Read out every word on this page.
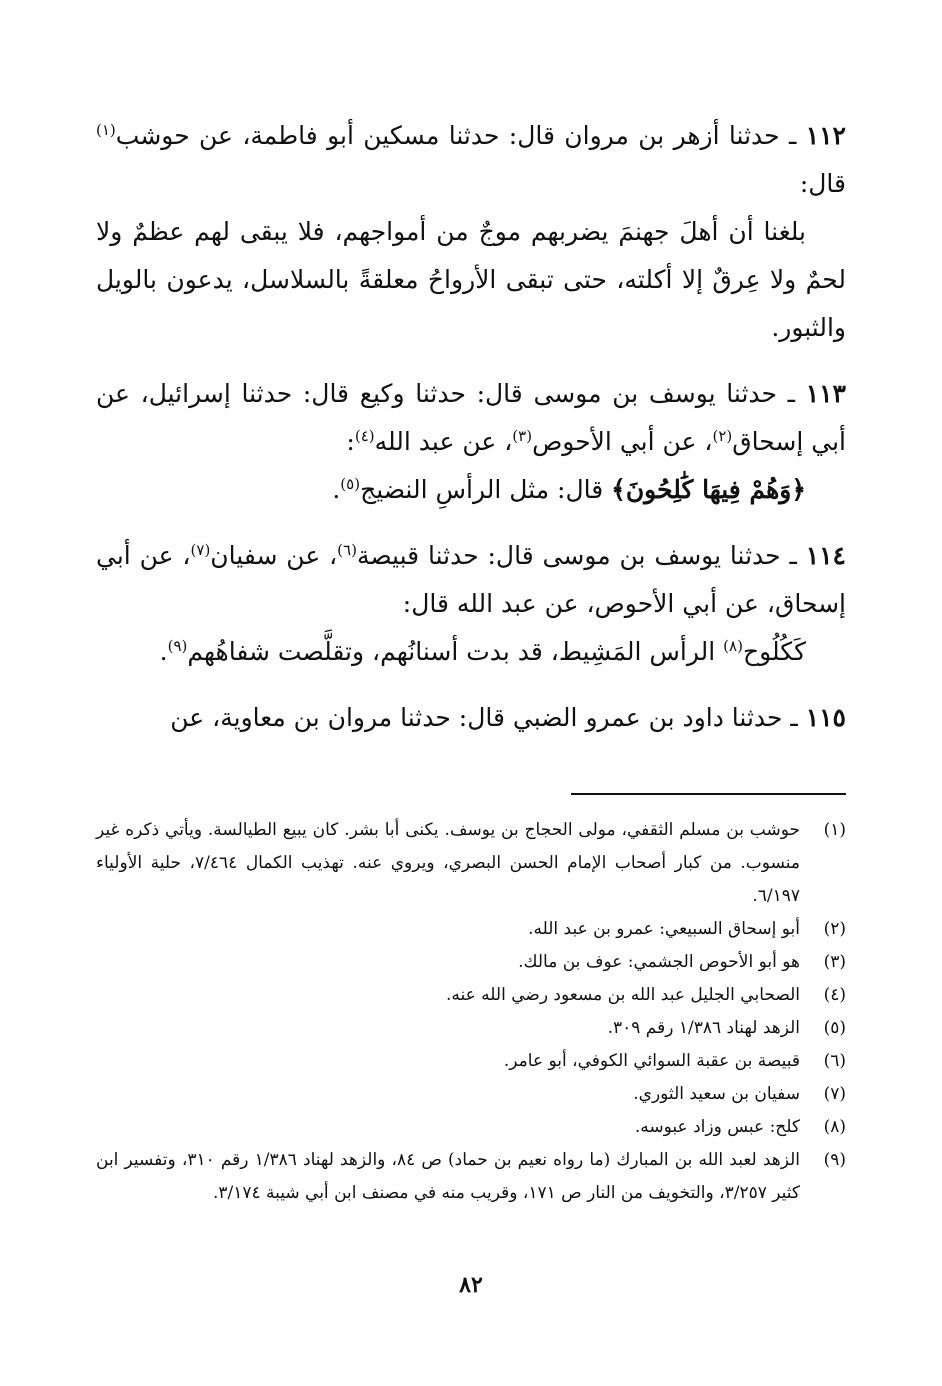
١١٢ ـ حدثنا أزهر بن مروان قال: حدثنا مسكين أبو فاطمة، عن حوشب$^{(١)}$ قال:

بلغنا أن أهلَ جهنمَ يضربهم موجٌ من أمواجهم، فلا يبقى لهم عظمٌ ولا لحمٌ ولا عِرقٌ إلا أكلته، حتى تبقى الأرواحُ معلقةً بالسلاسل، يدعون بالويل والثبور.

١١٣ ـ حدثنا يوسف بن موسى قال: حدثنا وكيع قال: حدثنا إسرائيل، عن أبي إسحاق$^{(٢)}$، عن أبي الأحوص$^{(٣)}$، عن عبد الله$^{(٤)}$:

﴿وَهُمْ فِيهَا كَٰلِحُونَ﴾ قال: مثل الرأسِ النضيج$^{(٥)}$.

١١٤ ـ حدثنا يوسف بن موسى قال: حدثنا قبيصة$^{(٦)}$، عن سفيان$^{(٧)}$، عن أبي إسحاق، عن أبي الأحوص، عن عبد الله قال:

كَكُلُوح$^{(٨)}$ الرأس المَشِيط، قد بدت أسنانُهم، وتقلَّصت شفاهُهم$^{(٩)}$.

١١٥ ـ حدثنا داود بن عمرو الضبي قال: حدثنا مروان بن معاوية، عن

(١)
حوشب بن مسلم الثقفي، مولى الحجاج بن يوسف. يكنى أبا بشر. كان يبيع الطيالسة. ويأتي ذكره غير منسوب. من كبار أصحاب الإمام الحسن البصري، ويروي عنه. تهذيب الكمال ٧/٤٦٤، حلية الأولياء ٦/١٩٧.
(٢)
أبو إسحاق السبيعي: عمرو بن عبد الله.
(٣)
هو أبو الأحوص الجشمي: عوف بن مالك.
(٤)
الصحابي الجليل عبد الله بن مسعود رضي الله عنه.
(٥)
الزهد لهناد ١/٣٨٦ رقم ٣٠٩.
(٦)
قبيصة بن عقبة السوائي الكوفي، أبو عامر.
(٧)
سفيان بن سعيد الثوري.
(٨)
كلح: عبس وزاد عبوسه.
(٩)
الزهد لعبد الله بن المبارك (ما رواه نعيم بن حماد) ص ٨٤، والزهد لهناد ١/٣٨٦ رقم ٣١٠، وتفسير ابن كثير ٣/٢٥٧، والتخويف من النار ص ١٧١، وقريب منه في مصنف ابن أبي شيبة ٣/١٧٤.
٨٢
